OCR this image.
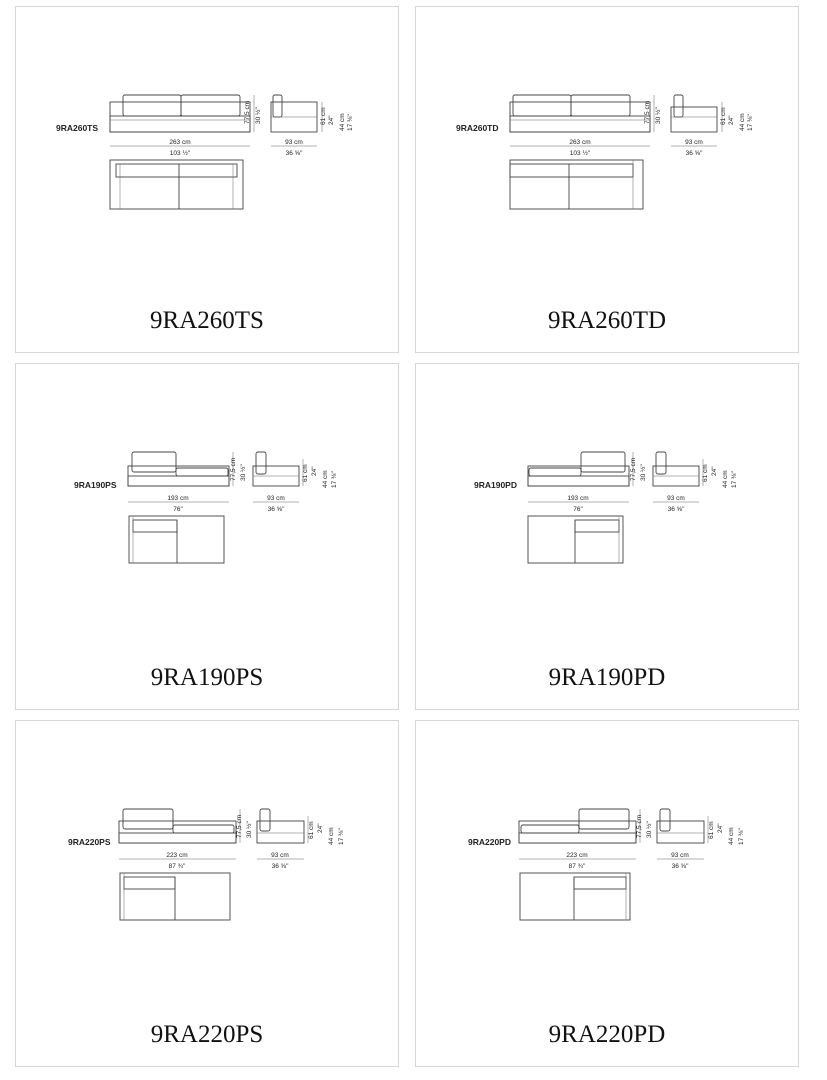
9RA260TS
77,5 cm 30 ½"	61 cm 24" 44 cm 17 ⅜"
263 cm
103 ½"
93 cm
36 ⅝"
9RA260TS
9RA260TD
77,5 cm 30 ½"	61 cm 24" 44 cm 17 ⅜"
263 cm
103 ½"
93 cm
36 ⅝"
9RA260TD
9RA190PS
77,5 cm 30 ½"	61 cm 24" 44 cm 17 ⅜"
193 cm
76"
93 cm
36 ⅝"
9RA190PS
9RA190PD
77,5 cm 30 ½"	61 cm 24" 44 cm 17 ⅜"
193 cm
76"
93 cm
36 ⅝"
9RA190PD
9RA220PS
77,5 cm 30 ½"	61 cm 24" 44 cm 17 ⅜"
223 cm
87 ¾"
93 cm
36 ⅝"
9RA220PS
9RA220PD
77,5 cm 30 ½"	61 cm 24" 44 cm 17 ⅜"
223 cm
87 ¾"
93 cm
36 ⅝"
9RA220PD
